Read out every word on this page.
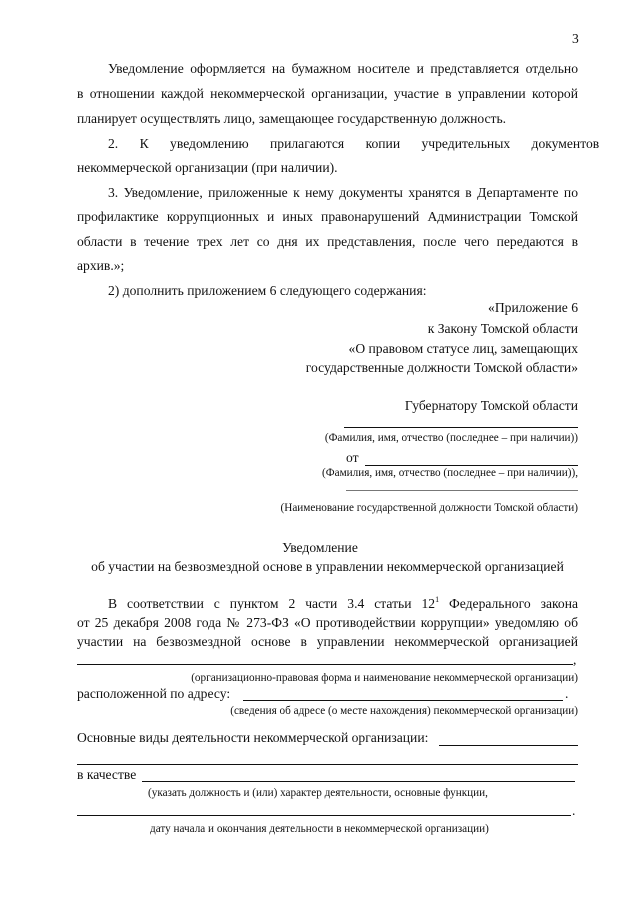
3
Уведомление оформляется на бумажном носителе и представляется отдельно
в отношении каждой некоммерческой организации, участие в управлении которой
планирует осуществлять лицо, замещающее государственную должность.
2. К уведомлению прилагаются копии учредительных документов
некоммерческой организации (при наличии).
3. Уведомление, приложенные к нему документы хранятся в Департаменте по
профилактике коррупционных и иных правонарушений Администрации Томской
области в течение трех лет со дня их представления, после чего передаются в
архив.»;
2) дополнить приложением 6 следующего содержания:
«Приложение 6
к Закону Томской области
«О правовом статусе лиц, замещающих
государственные должности Томской области»
Губернатору Томской области
(Фамилия, имя, отчество (последнее – при наличии))
от
(Фамилия, имя, отчество (последнее – при наличии)),
(Наименование государственной должности Томской области)
Уведомление
об участии на безвозмездной основе в управлении некоммерческой организацией
В соответствии с пунктом 2 части 3.4 статьи $12^1$ Федерального закона
от 25 декабря 2008 года № 273-ФЗ «О противодействии коррупции» уведомляю об
участии на безвозмездной основе в управлении некоммерческой организацией
,
(организационно-правовая форма и наименование некоммерческой организации)
расположенной по адресу:	.
(сведения об адресе (о месте нахождения) пекоммерческой организации)
Основные виды деятельности некоммерческой организации:
в качестве
(указать должность и (или) характер деятельности, основные функции,
.
дату начала и окончания деятельности в некоммерческой организации)
